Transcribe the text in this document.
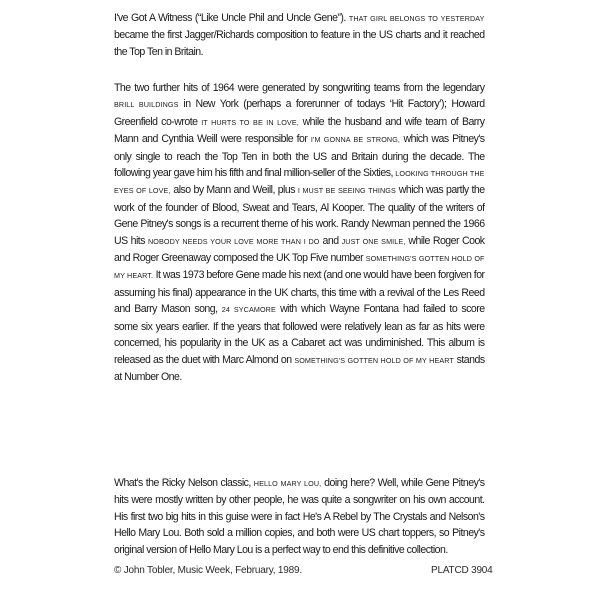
I've Got A Witness (“Like Uncle Phil and Uncle Gene”). THAT GIRL BELONGS TO YESTERDAY became the first Jagger/Richards composition to feature in the US charts and it reached the Top Ten in Britain.

The two further hits of 1964 were generated by songwriting teams from the legendary BRILL BUILDINGS in New York (perhaps a forerunner of todays ‘Hit Factory’); Howard Greenfield co-wrote IT HURTS TO BE IN LOVE, while the husband and wife team of Barry Mann and Cynthia Weill were responsible for I'M GONNA BE STRONG, which was Pitney's only single to reach the Top Ten in both the US and Britain during the decade. The following year gave him his fifth and final million-seller of the Sixties, LOOKING THROUGH THE EYES OF LOVE, also by Mann and Weill, plus I MUST BE SEEING THINGS which was partly the work of the founder of Blood, Sweat and Tears, Al Kooper. The quality of the writers of Gene Pitney's songs is a recurrent theme of his work. Randy Newman penned the 1966 US hits NOBODY NEEDS YOUR LOVE MORE THAN I DO and JUST ONE SMILE, while Roger Cook and Roger Greenaway composed the UK Top Five number SOMETHING'S GOTTEN HOLD OF MY HEART. It was 1973 before Gene made his next (and one would have been forgiven for assuming his final) appearance in the UK charts, this time with a revival of the Les Reed and Barry Mason song, 24 SYCAMORE with which Wayne Fontana had failed to score some six years earlier. If the years that followed were relatively lean as far as hits were concerned, his popularity in the UK as a Cabaret act was undiminished. This album is released as the duet with Marc Almond on SOMETHING'S GOTTEN HOLD OF MY HEART stands at Number One.

What's the Ricky Nelson classic, HELLO MARY LOU, doing here? Well, while Gene Pitney's hits were mostly written by other people, he was quite a songwriter on his own account. His first two big hits in this guise were in fact He's A Rebel by The Crystals and Nelson's Hello Mary Lou. Both sold a million copies, and both were US chart toppers, so Pitney's original version of Hello Mary Lou is a perfect way to end this definitive collection.

© John Tobler, Music Week, February, 1989.	PLATCD 3904
